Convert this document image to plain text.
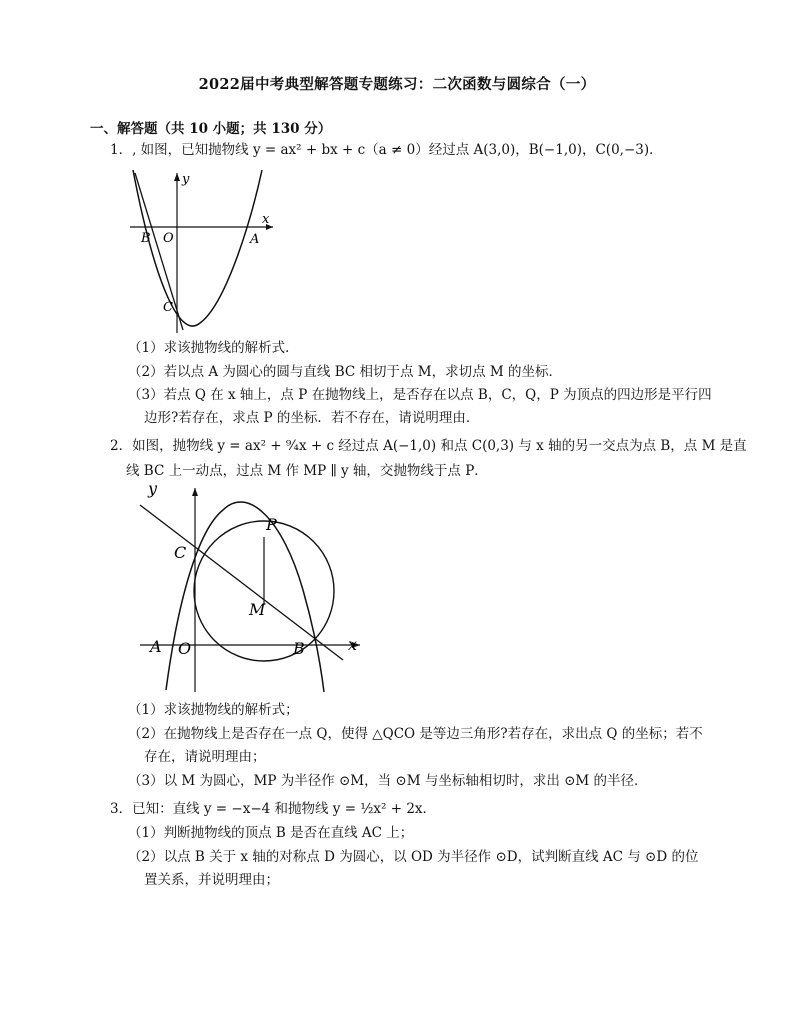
2022届中考典型解答题专题练习：二次函数与圆综合（一）
一、解答题（共 10 小题；共 130 分）
1．, 如图，已知抛物线 y = ax² + bx + c（a ≠ 0）经过点 A(3,0)，B(−1,0)，C(0,−3)．
x
y
B O	A
C
（1）求该抛物线的解析式．
（2）若以点 A 为圆心的圆与直线 BC 相切于点 M，求切点 M 的坐标．
（3）若点 Q 在 x 轴上，点 P 在抛物线上，是否存在以点 B，C，Q，P 为顶点的四边形是平行四
边形?若存在，求点 P 的坐标．若不存在，请说明理由．
2．如图，抛物线 y = ax² + ⁹⁄₄x + c 经过点 A(−1,0) 和点 C(0,3) 与 x 轴的另一交点为点 B，点 M 是直
线 BC 上一动点，过点 M 作 MP ∥ y 轴，交抛物线于点 P．
y
x
C
P
M
A O	B
（1）求该抛物线的解析式；
（2）在抛物线上是否存在一点 Q，使得 △QCO 是等边三角形?若存在，求出点 Q 的坐标；若不
存在，请说明理由；
（3）以 M 为圆心，MP 为半径作 ⊙M，当 ⊙M 与坐标轴相切时，求出 ⊙M 的半径．
3．已知：直线 y = −x−4 和抛物线 y = ½x² + 2x．
（1）判断抛物线的顶点 B 是否在直线 AC 上；
（2）以点 B 关于 x 轴的对称点 D 为圆心，以 OD 为半径作 ⊙D，试判断直线 AC 与 ⊙D 的位
置关系，并说明理由；
